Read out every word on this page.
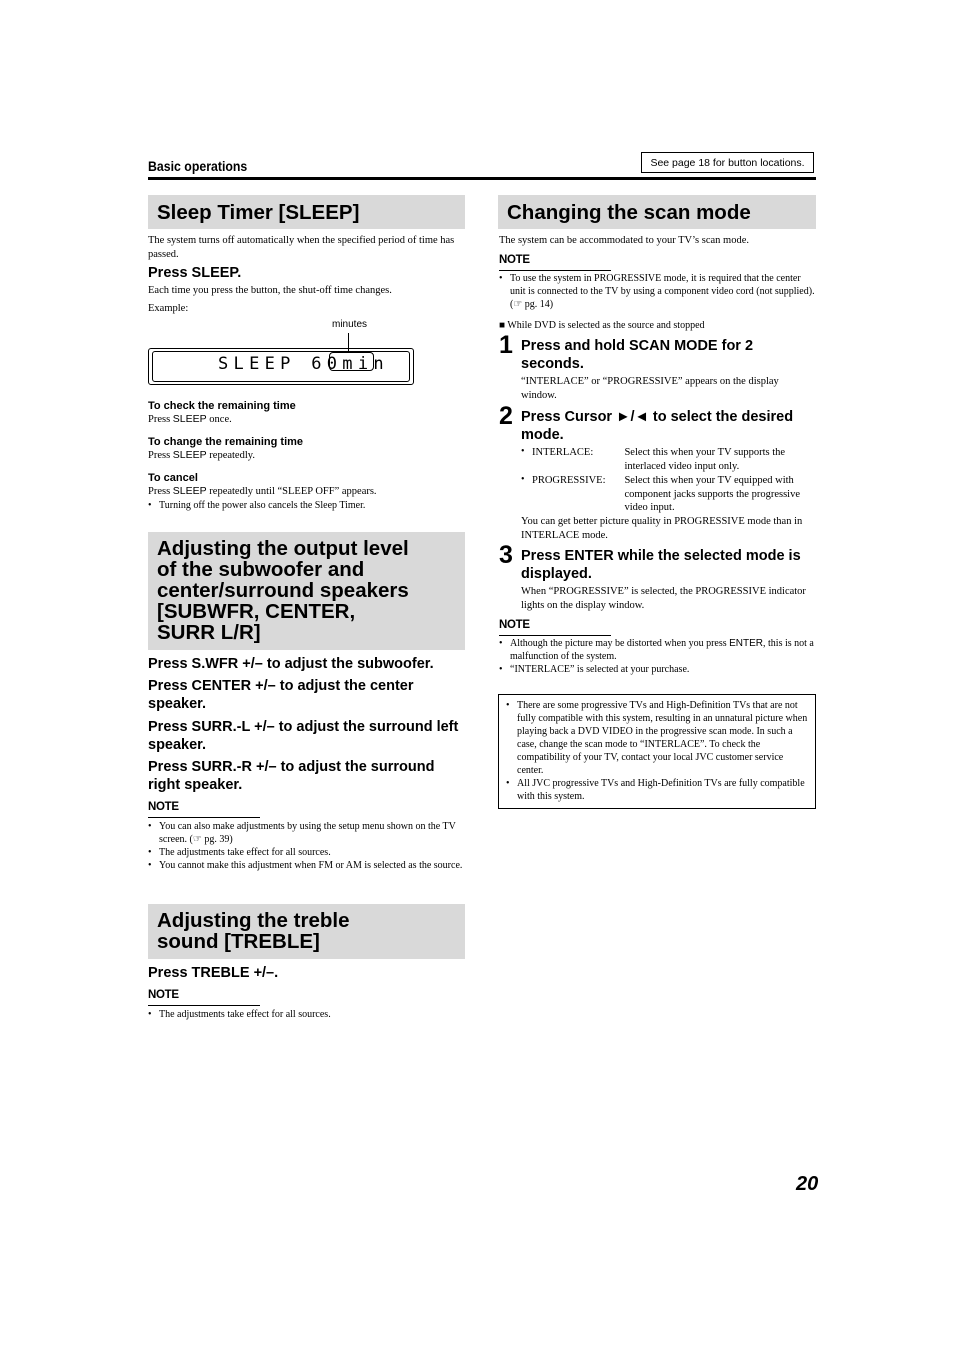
Basic operations	See page 18 for button locations.
Sleep Timer [SLEEP]
The system turns off automatically when the specified period of time has passed.
Press SLEEP.
Each time you press the button, the shut-off time changes.
Example:
minutes
SLEEP 60min
To check the remaining time
Press SLEEP once.
To change the remaining time
Press SLEEP repeatedly.
To cancel
Press SLEEP repeatedly until “SLEEP OFF” appears.
• Turning off the power also cancels the Sleep Timer.
Adjusting the output level
of the subwoofer and
center/surround speakers
[SUBWFR, CENTER,
SURR L/R]
Press S.WFR +/– to adjust the subwoofer.
Press CENTER +/– to adjust the center speaker.
Press SURR.-L +/– to adjust the surround left speaker.
Press SURR.-R +/– to adjust the surround right speaker.
NOTE
• You can also make adjustments by using the setup menu shown on the TV screen. (☞ pg. 39)
• The adjustments take effect for all sources.
• You cannot make this adjustment when FM or AM is selected as the source.
Adjusting the treble
sound [TREBLE]
Press TREBLE +/–.
NOTE
• The adjustments take effect for all sources.
Changing the scan mode
The system can be accommodated to your TV’s scan mode.
NOTE
• To use the system in PROGRESSIVE mode, it is required that the center unit is connected to the TV by using a component video cord (not supplied). (☞ pg. 14)
■ While DVD is selected as the source and stopped
1 Press and hold SCAN MODE for 2 seconds.
“INTERLACE” or “PROGRESSIVE” appears on the display window.
2 Press Cursor ►/◄ to select the desired mode.
INTERLACE:	Select this when your TV supports the interlaced video input only.
PROGRESSIVE:	Select this when your TV equipped with component jacks supports the progressive video input.
•
•
You can get better picture quality in PROGRESSIVE mode than in INTERLACE mode.
3 Press ENTER while the selected mode is displayed.
When “PROGRESSIVE” is selected, the PROGRESSIVE indicator lights on the display window.
NOTE
• Although the picture may be distorted when you press ENTER, this is not a malfunction of the system.
• “INTERLACE” is selected at your purchase.
• There are some progressive TVs and High-Definition TVs that are not fully compatible with this system, resulting in an unnatural picture when playing back a DVD VIDEO in the progressive scan mode. In such a case, change the scan mode to “INTERLACE”. To check the compatibility of your TV, contact your local JVC customer service center.
• All JVC progressive TVs and High-Definition TVs are fully compatible with this system.
20
